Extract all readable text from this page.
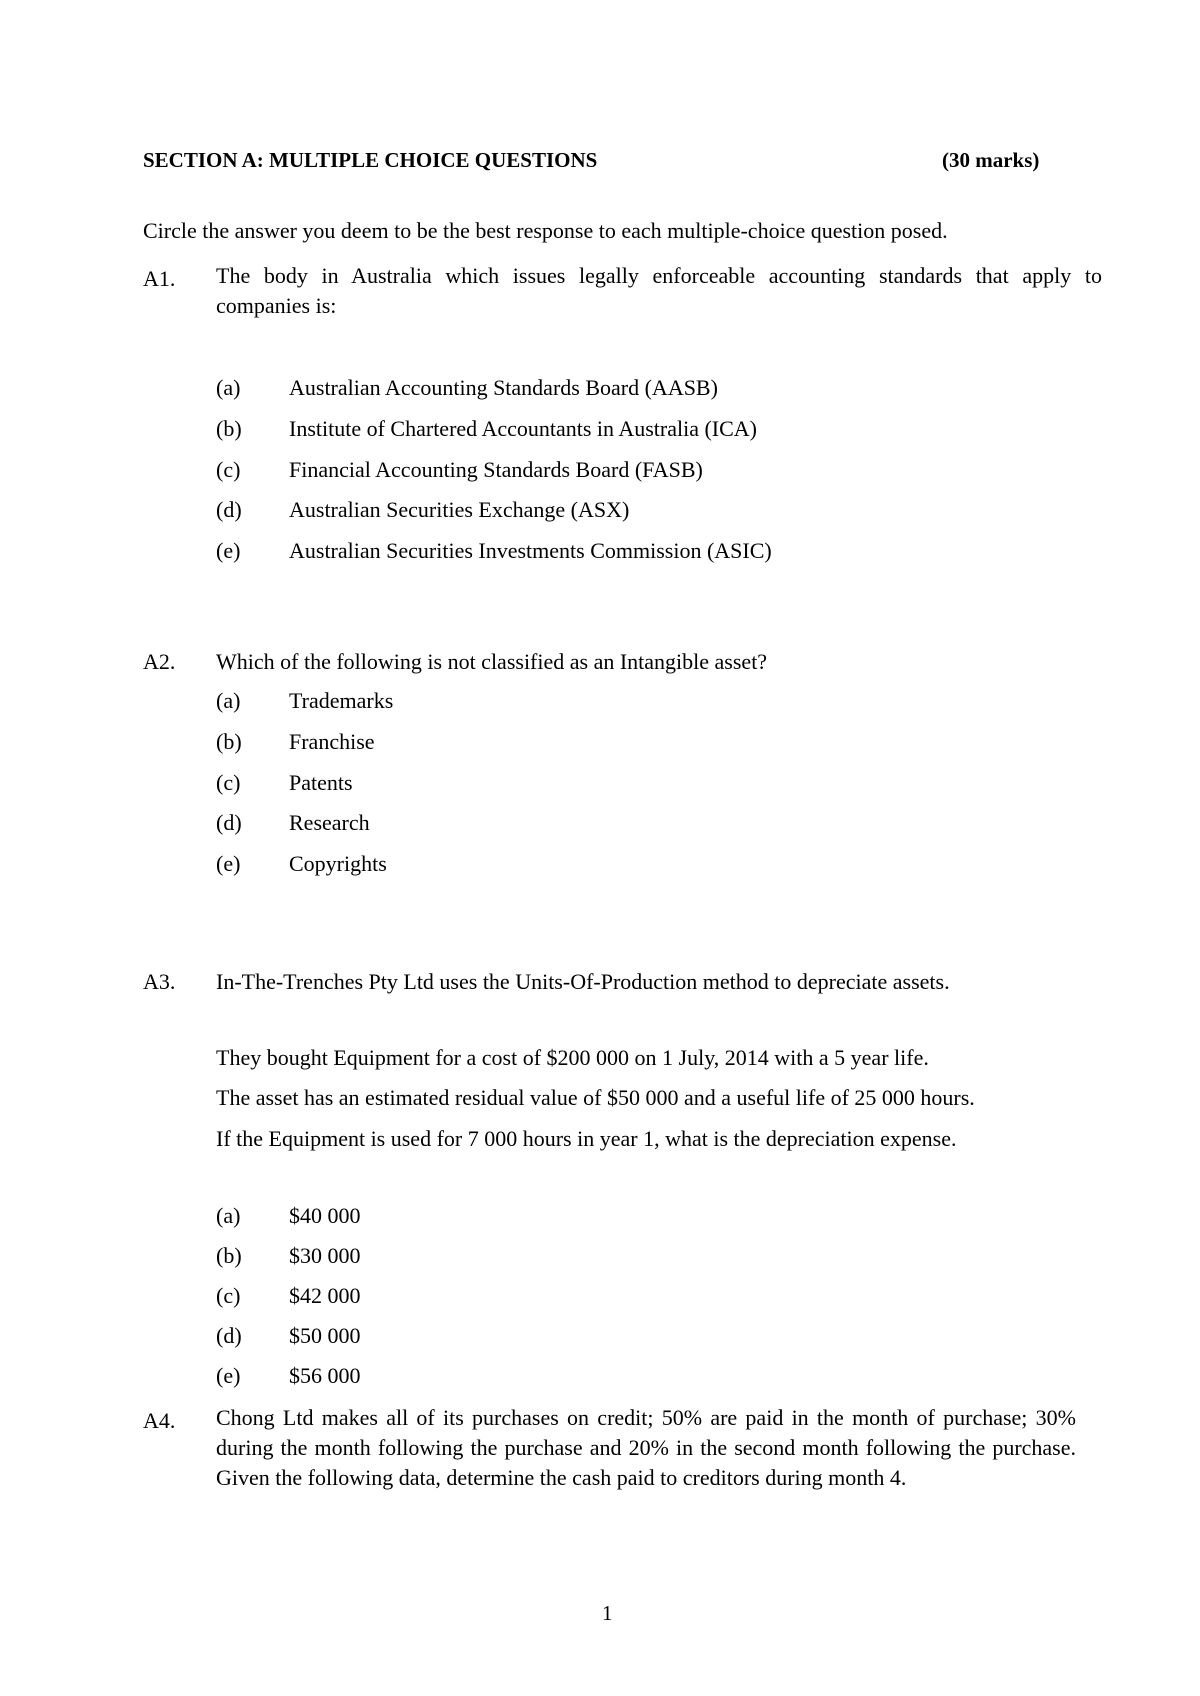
SECTION A: MULTIPLE CHOICE QUESTIONS	(30 marks)
Circle the answer you deem to be the best response to each multiple-choice question posed.
A1. The body in Australia which issues legally enforceable accounting standards that apply to companies is:
(a) Australian Accounting Standards Board (AASB)
(b) Institute of Chartered Accountants in Australia (ICA)
(c) Financial Accounting Standards Board (FASB)
(d) Australian Securities Exchange (ASX)
(e) Australian Securities Investments Commission (ASIC)
A2. Which of the following is not classified as an Intangible asset?
(a) Trademarks
(b) Franchise
(c) Patents
(d) Research
(e) Copyrights
A3. In-The-Trenches Pty Ltd uses the Units-Of-Production method to depreciate assets.
They bought Equipment for a cost of $200 000 on 1 July, 2014 with a 5 year life.
The asset has an estimated residual value of $50 000 and a useful life of 25 000 hours.
If the Equipment is used for 7 000 hours in year 1, what is the depreciation expense.
(a) $40 000
(b) $30 000
(c) $42 000
(d) $50 000
(e) $56 000
A4. Chong Ltd makes all of its purchases on credit; 50% are paid in the month of purchase; 30% during the month following the purchase and 20% in the second month following the purchase. Given the following data, determine the cash paid to creditors during month 4.
1
